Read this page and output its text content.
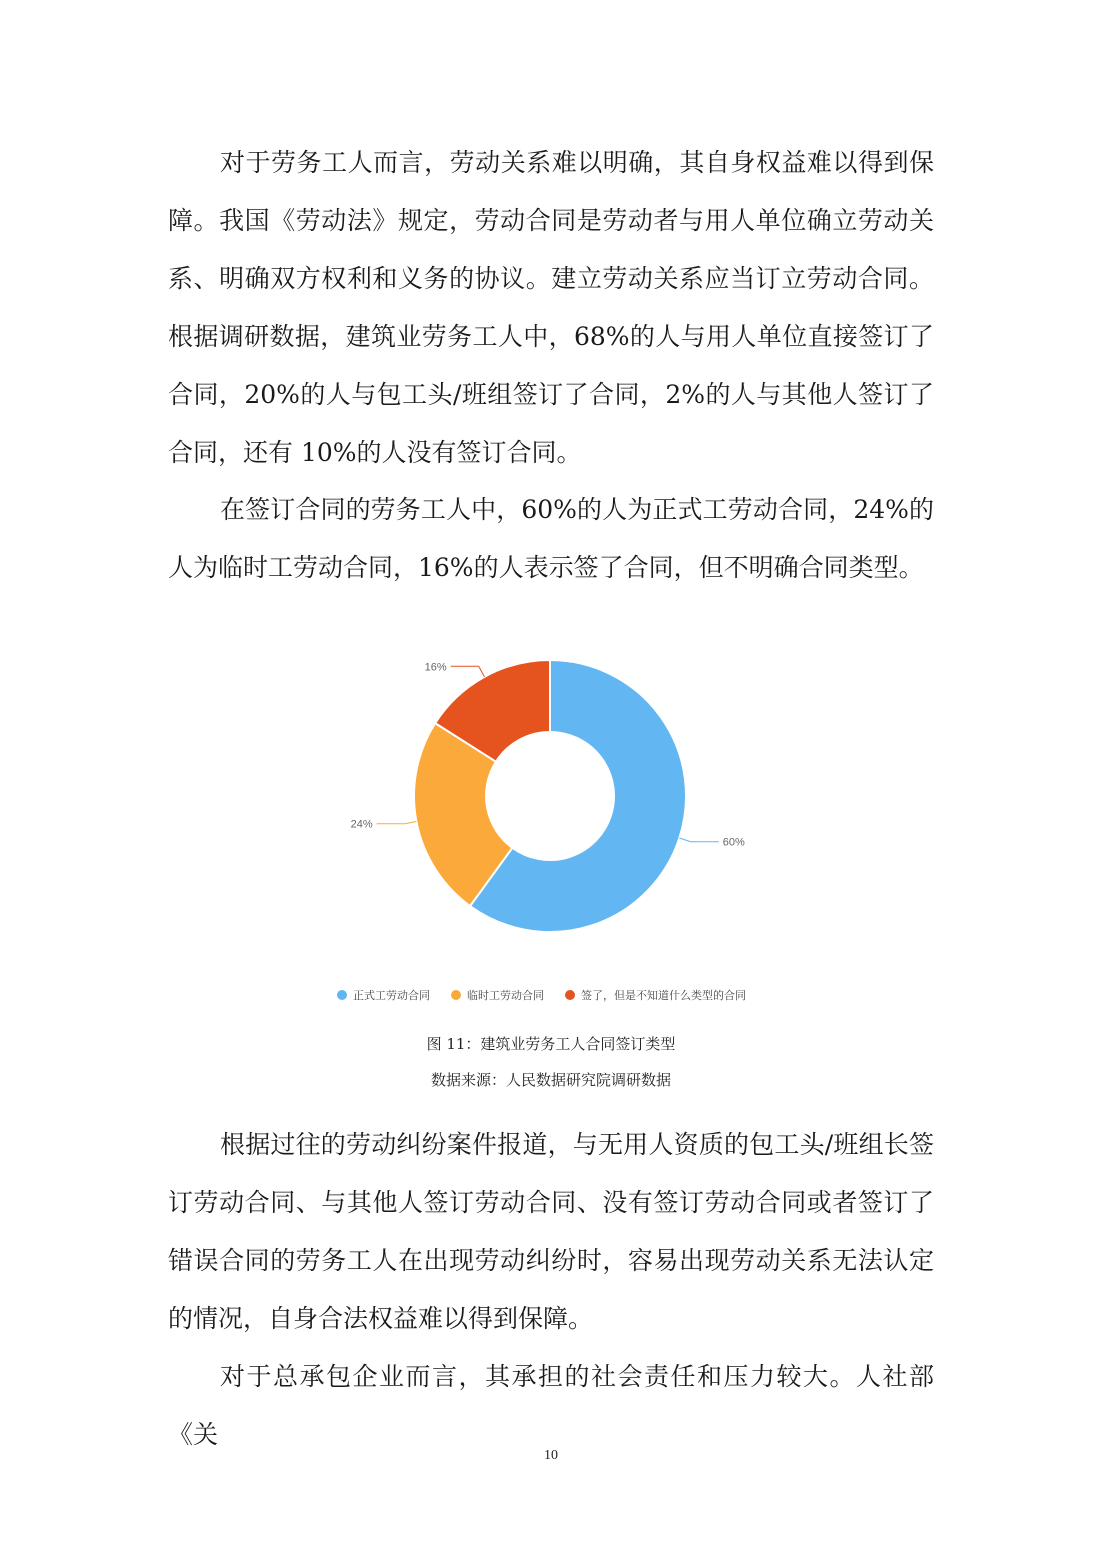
对于劳务工人而言，劳动关系难以明确，其自身权益难以得到保障。我国《劳动法》规定，劳动合同是劳动者与用人单位确立劳动关系、明确双方权利和义务的协议。建立劳动关系应当订立劳动合同。根据调研数据，建筑业劳务工人中，68%的人与用人单位直接签订了合同，20%的人与包工头/班组签订了合同，2%的人与其他人签订了合同，还有 10%的人没有签订合同。

在签订合同的劳务工人中，60%的人为正式工劳动合同，24%的人为临时工劳动合同，16%的人表示签了合同，但不明确合同类型。

60%
24%
16%
正式工劳动合同	临时工劳动合同	签了，但是不知道什么类型的合同

图 11：建筑业劳务工人合同签订类型

数据来源：人民数据研究院调研数据

根据过往的劳动纠纷案件报道，与无用人资质的包工头/班组长签订劳动合同、与其他人签订劳动合同、没有签订劳动合同或者签订了错误合同的劳务工人在出现劳动纠纷时，容易出现劳动关系无法认定的情况，自身合法权益难以得到保障。

对于总承包企业而言，其承担的社会责任和压力较大。人社部《关

10
